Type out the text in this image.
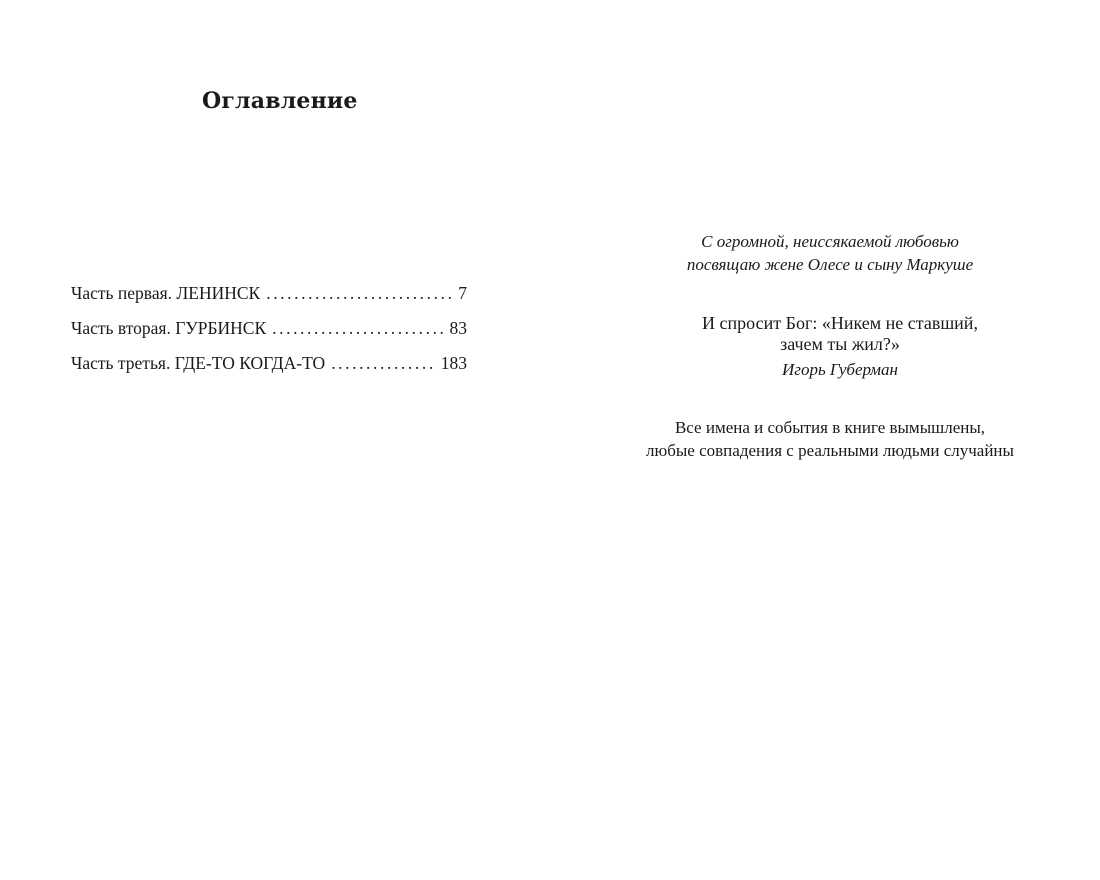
Оглавление
Часть первая. ЛЕНИНСК .....	7
Часть вторая. ГУРБИНСК .....	83
Часть третья. ГДЕ-ТО КОГДА-ТО .....	183

С огромной, неиссякаемой любовью

посвящаю жене Олесе и сыну Маркуше

И спросит Бог: «Никем не ставший,

зачем ты жил?»

Игорь Губерман

Все имена и события в книге вымышлены,

любые совпадения с реальными людьми случайны
